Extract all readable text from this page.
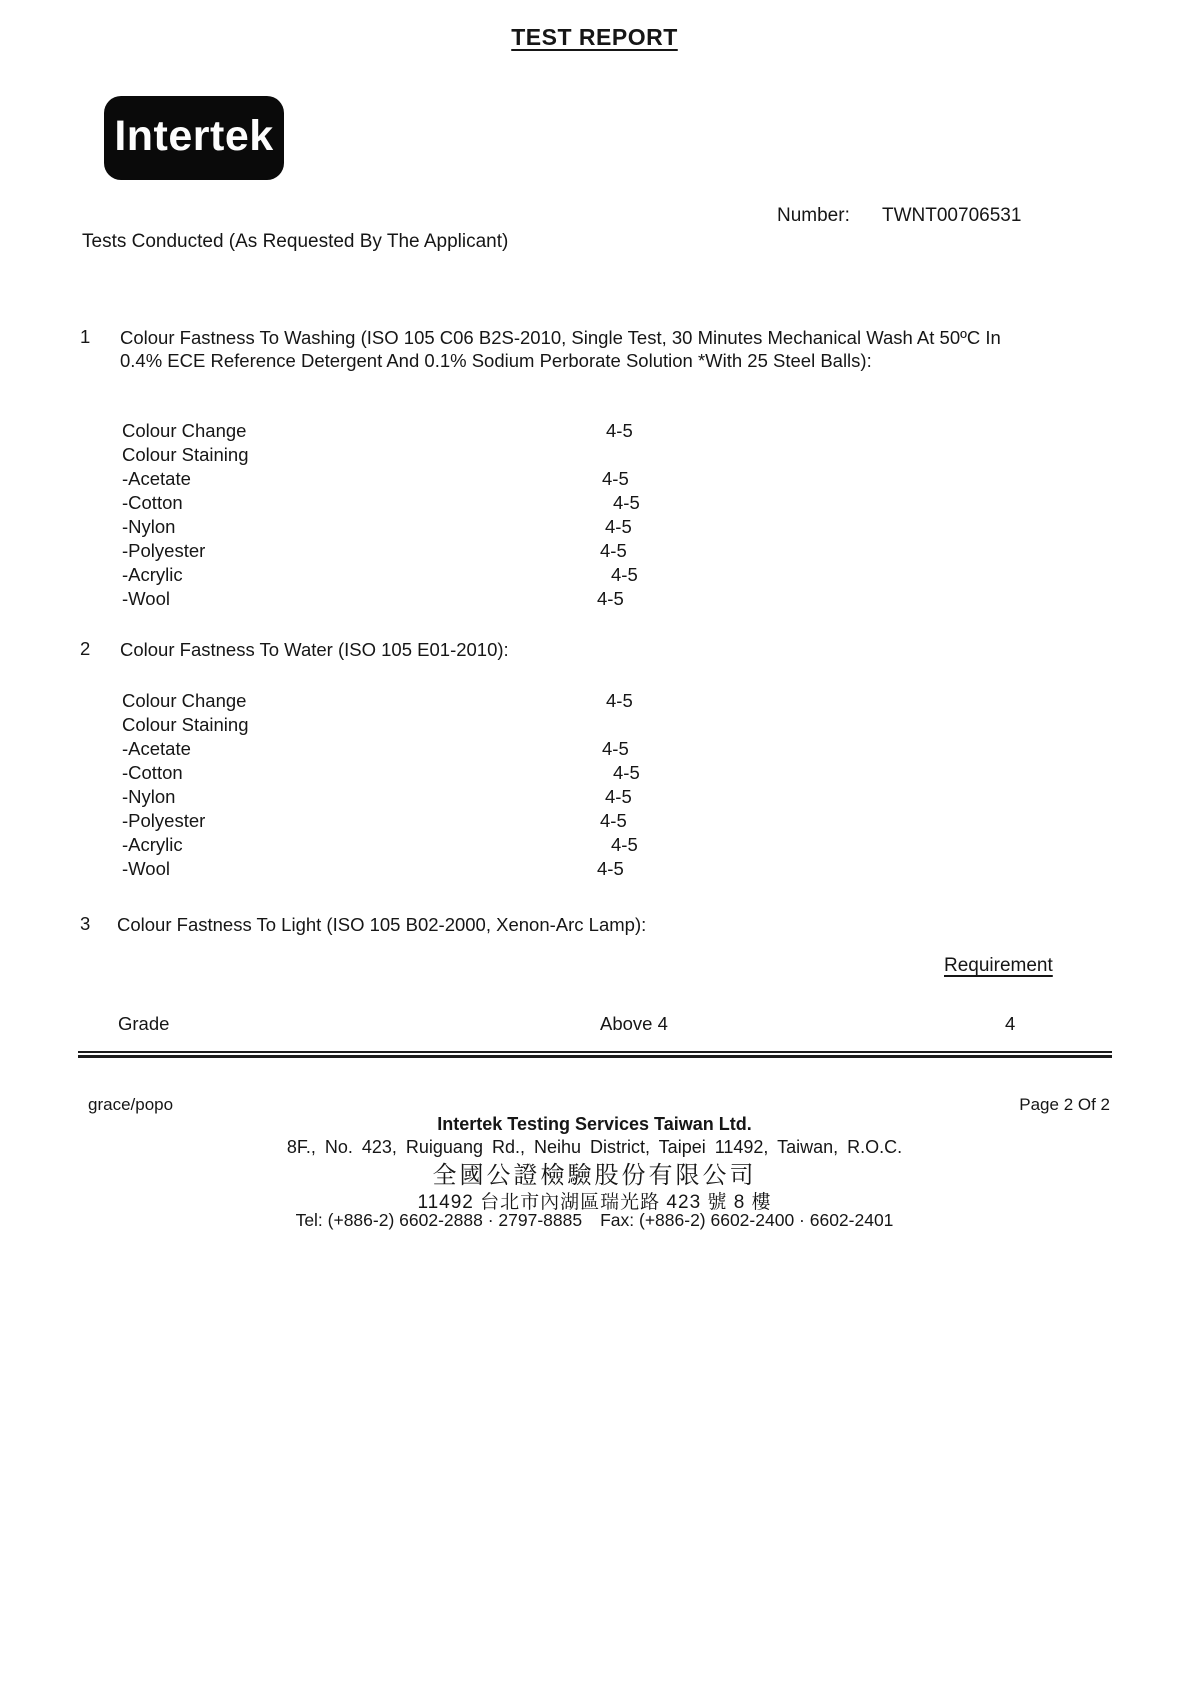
TEST REPORT
Intertek
Number: TWNT00706531
Tests Conducted (As Requested By The Applicant)
1 Colour Fastness To Washing (ISO 105 C06 B2S-2010, Single Test, 30 Minutes Mechanical Wash At 50ºC In
0.4% ECE Reference Detergent And 0.1% Sodium Perborate Solution *With 25 Steel Balls):
Colour Change	4-5
Colour Staining
-Acetate	4-5
-Cotton	4-5
-Nylon	4-5
-Polyester	4-5
-Acrylic	4-5
-Wool	4-5
2 Colour Fastness To Water (ISO 105 E01-2010):
Colour Change	4-5
Colour Staining
-Acetate	4-5
-Cotton	4-5
-Nylon	4-5
-Polyester	4-5
-Acrylic	4-5
-Wool	4-5
3 Colour Fastness To Light (ISO 105 B02-2000, Xenon-Arc Lamp):
Requirement
Grade	Above 4	4
grace/popo	Page 2 Of 2
Intertek Testing Services Taiwan Ltd.
8F., No. 423, Ruiguang Rd., Neihu District, Taipei 11492, Taiwan, R.O.C.
全國公證檢驗股份有限公司
11492 台北市內湖區瑞光路 423 號 8 樓
Tel: (+886-2) 6602-2888 · 2797-8885 Fax: (+886-2) 6602-2400 · 6602-2401
